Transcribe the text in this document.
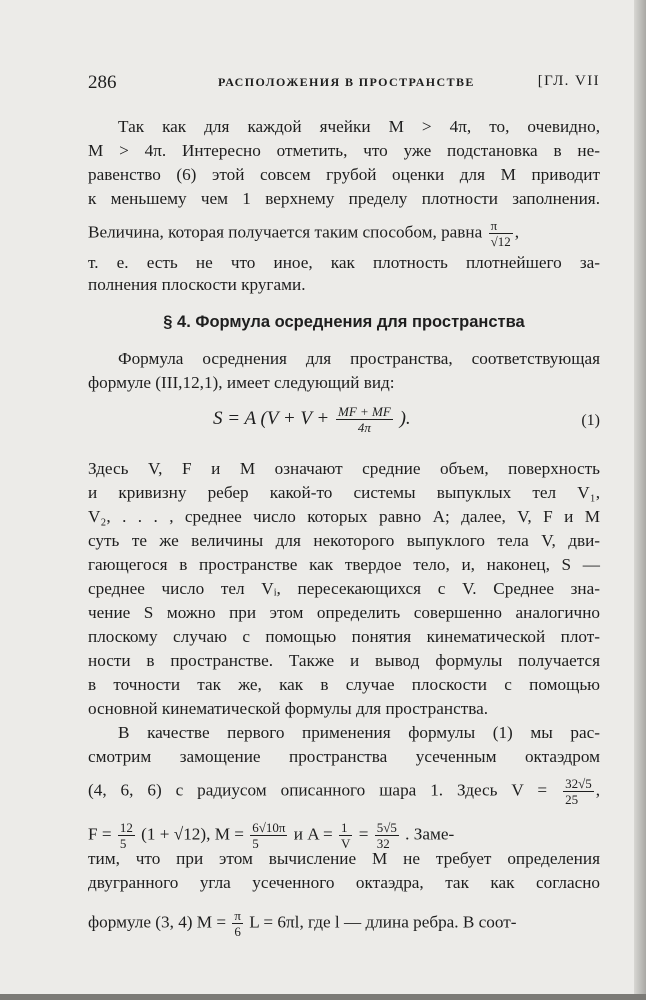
286	РАСПОЛОЖЕНИЯ В ПРОСТРАНСТВЕ	[ГЛ. VII
Так как для каждой ячейки M > 4π, то, очевидно,
M > 4π. Интересно отметить, что уже подстановка в не-
равенство (6) этой совсем грубой оценки для M приводит
к меньшему чем 1 верхнему пределу плотности заполнения.
Величина, которая получается таким способом, равна $\frac{\pi}{√12}$ ,
т. е. есть не что иное, как плотность плотнейшего за-
полнения плоскости кругами.
§ 4. Формула осреднения для пространства
Формула осреднения для пространства, соответствующая
формуле (III,12,1), имеет следующий вид:
S = A ($V + V + \frac{MF + MF}{4\pi}$ ).	(1)
Здесь V, F и M означают средние объем, поверхность
и кривизну ребер какой-то системы выпуклых тел V₁,
V₂, . . . , среднее число которых равно A; далее, V, F и M
суть те же величины для некоторого выпуклого тела V, дви-
гающегося в пространстве как твердое тело, и, наконец, S —
среднее число тел Vᵢ, пересекающихся с V. Среднее зна-
чение S можно при этом определить совершенно аналогично
плоскому случаю с помощью понятия кинематической плот-
ности в пространстве. Также и вывод формулы получается
в точности так же, как в случае плоскости с помощью
основной кинематической формулы для пространства.
В качестве первого применения формулы (1) мы рас-
смотрим замощение пространства усеченным октаэдром
(4, 6, 6) с радиусом описанного шара 1. Здесь $V = \frac{32√5}{25}$ ,
$F = \frac{12}{5} (1 + √12)$, $M = \frac{6√10\pi}{5}$ и $A = \frac{1}{V} = \frac{5√5}{32}$ . Заме-
тим, что при этом вычисление M не требует определения
двугранного угла усеченного октаэдра, так как согласно
формуле (3, 4) $M = \frac{\pi}{6}$ L = 6πl, где l — длина ребра. В соот-
